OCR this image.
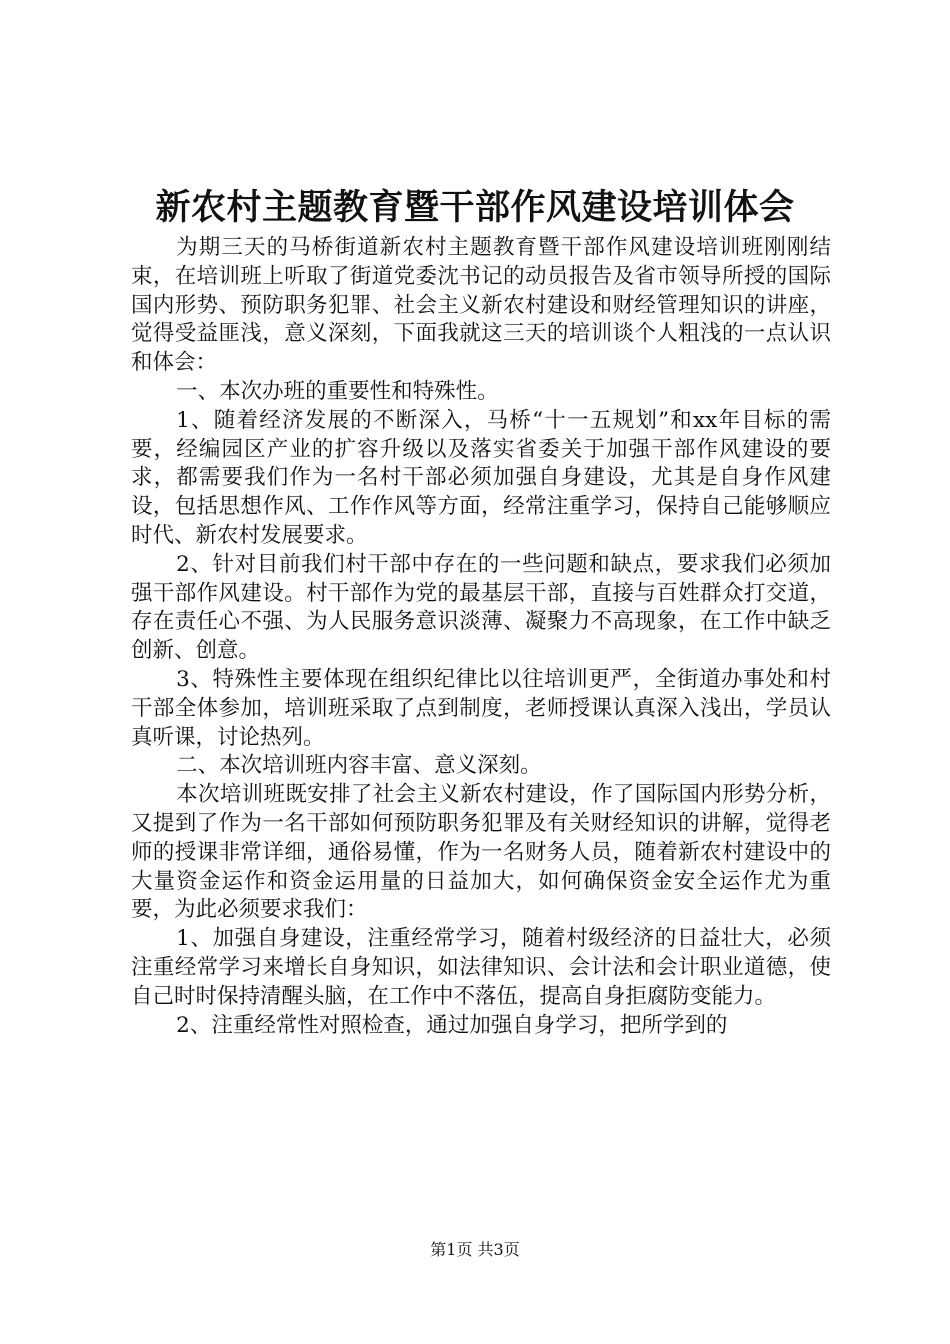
新农村主题教育暨干部作风建设培训体会

为期三天的马桥街道新农村主题教育暨干部作风建设培训班刚刚结束，在培训班上听取了街道党委沈书记的动员报告及省市领导所授的国际国内形势、预防职务犯罪、社会主义新农村建设和财经管理知识的讲座，觉得受益匪浅，意义深刻，下面我就这三天的培训谈个人粗浅的一点认识和体会：

一、本次办班的重要性和特殊性。

1、随着经济发展的不断深入，马桥“十一五规划”和xx年目标的需要，经编园区产业的扩容升级以及落实省委关于加强干部作风建设的要求，都需要我们作为一名村干部必须加强自身建设，尤其是自身作风建设，包括思想作风、工作作风等方面，经常注重学习，保持自己能够顺应时代、新农村发展要求。

2、针对目前我们村干部中存在的一些问题和缺点，要求我们必须加强干部作风建设。村干部作为党的最基层干部，直接与百姓群众打交道，存在责任心不强、为人民服务意识淡薄、凝聚力不高现象，在工作中缺乏创新、创意。

3、特殊性主要体现在组织纪律比以往培训更严，全街道办事处和村干部全体参加，培训班采取了点到制度，老师授课认真深入浅出，学员认真听课，讨论热列。

二、本次培训班内容丰富、意义深刻。

本次培训班既安排了社会主义新农村建设，作了国际国内形势分析，又提到了作为一名干部如何预防职务犯罪及有关财经知识的讲解，觉得老师的授课非常详细，通俗易懂，作为一名财务人员，随着新农村建设中的大量资金运作和资金运用量的日益加大，如何确保资金安全运作尤为重要，为此必须要求我们：

1、加强自身建设，注重经常学习，随着村级经济的日益壮大，必须注重经常学习来增长自身知识，如法律知识、会计法和会计职业道德，使自己时时保持清醒头脑，在工作中不落伍，提高自身拒腐防变能力。

2、注重经常性对照检查，通过加强自身学习，把所学到的

第1页 共3页
